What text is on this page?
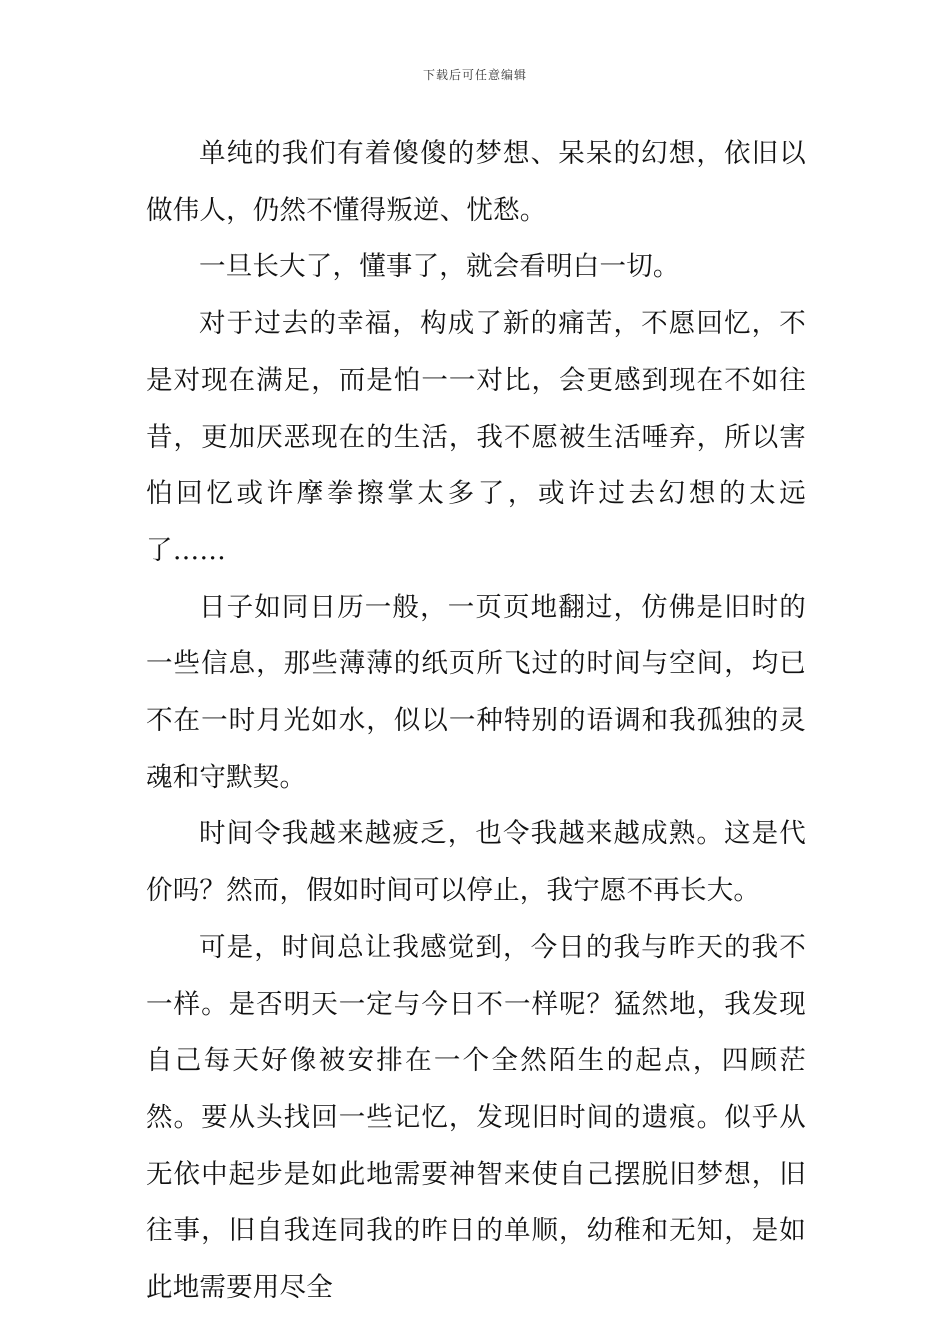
下载后可任意编辑

单纯的我们有着傻傻的梦想、呆呆的幻想，依旧以做伟人，仍然不懂得叛逆、忧愁。

一旦长大了，懂事了，就会看明白一切。

对于过去的幸福，构成了新的痛苦，不愿回忆，不是对现在满足，而是怕一一对比，会更感到现在不如往昔，更加厌恶现在的生活，我不愿被生活唾弃，所以害怕回忆或许摩拳擦掌太多了，或许过去幻想的太远了……

日子如同日历一般，一页页地翻过，仿佛是旧时的一些信息，那些薄薄的纸页所飞过的时间与空间，均已不在一时月光如水，似以一种特别的语调和我孤独的灵魂和守默契。

时间令我越来越疲乏，也令我越来越成熟。这是代价吗？然而，假如时间可以停止，我宁愿不再长大。

可是，时间总让我感觉到，今日的我与昨天的我不一样。是否明天一定与今日不一样呢？猛然地，我发现自己每天好像被安排在一个全然陌生的起点，四顾茫然。要从头找回一些记忆，发现旧时间的遗痕。似乎从无依中起步是如此地需要神智来使自己摆脱旧梦想，旧往事，旧自我连同我的昨日的单顺，幼稚和无知，是如此地需要用尽全
